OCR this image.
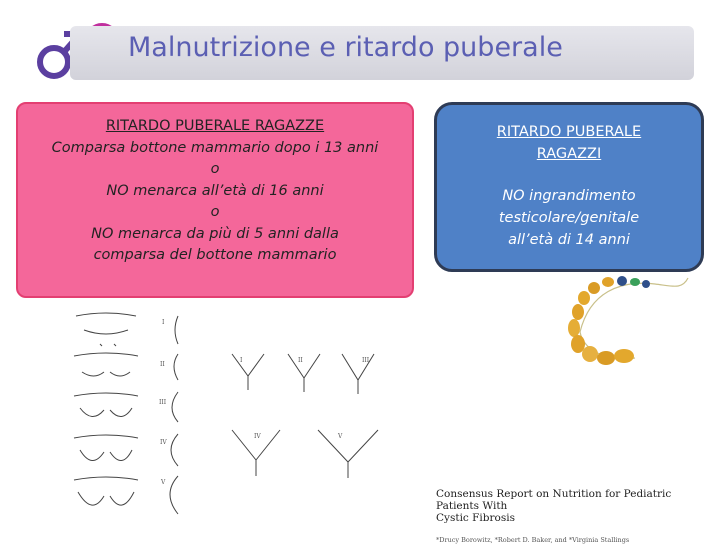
Malnutrizione e ritardo puberale
RITARDO PUBERALE RAGAZZE
Comparsa bottone mammario dopo i 13 anni
o
NO menarca all’età di 16 anni
o
NO menarca da più di 5 anni dalla
comparsa del bottone mammario
RITARDO PUBERALE
RAGAZZI
NO ingrandimento
testicolare/genitale
all’età di 14 anni
I
II
III
IV
V
I	II	III
IV	V
Consensus Report on Nutrition for Pediatric Patients With
Cystic Fibrosis
*Drucy Borowitz, *Robert D. Baker, and *Virginia Stallings
